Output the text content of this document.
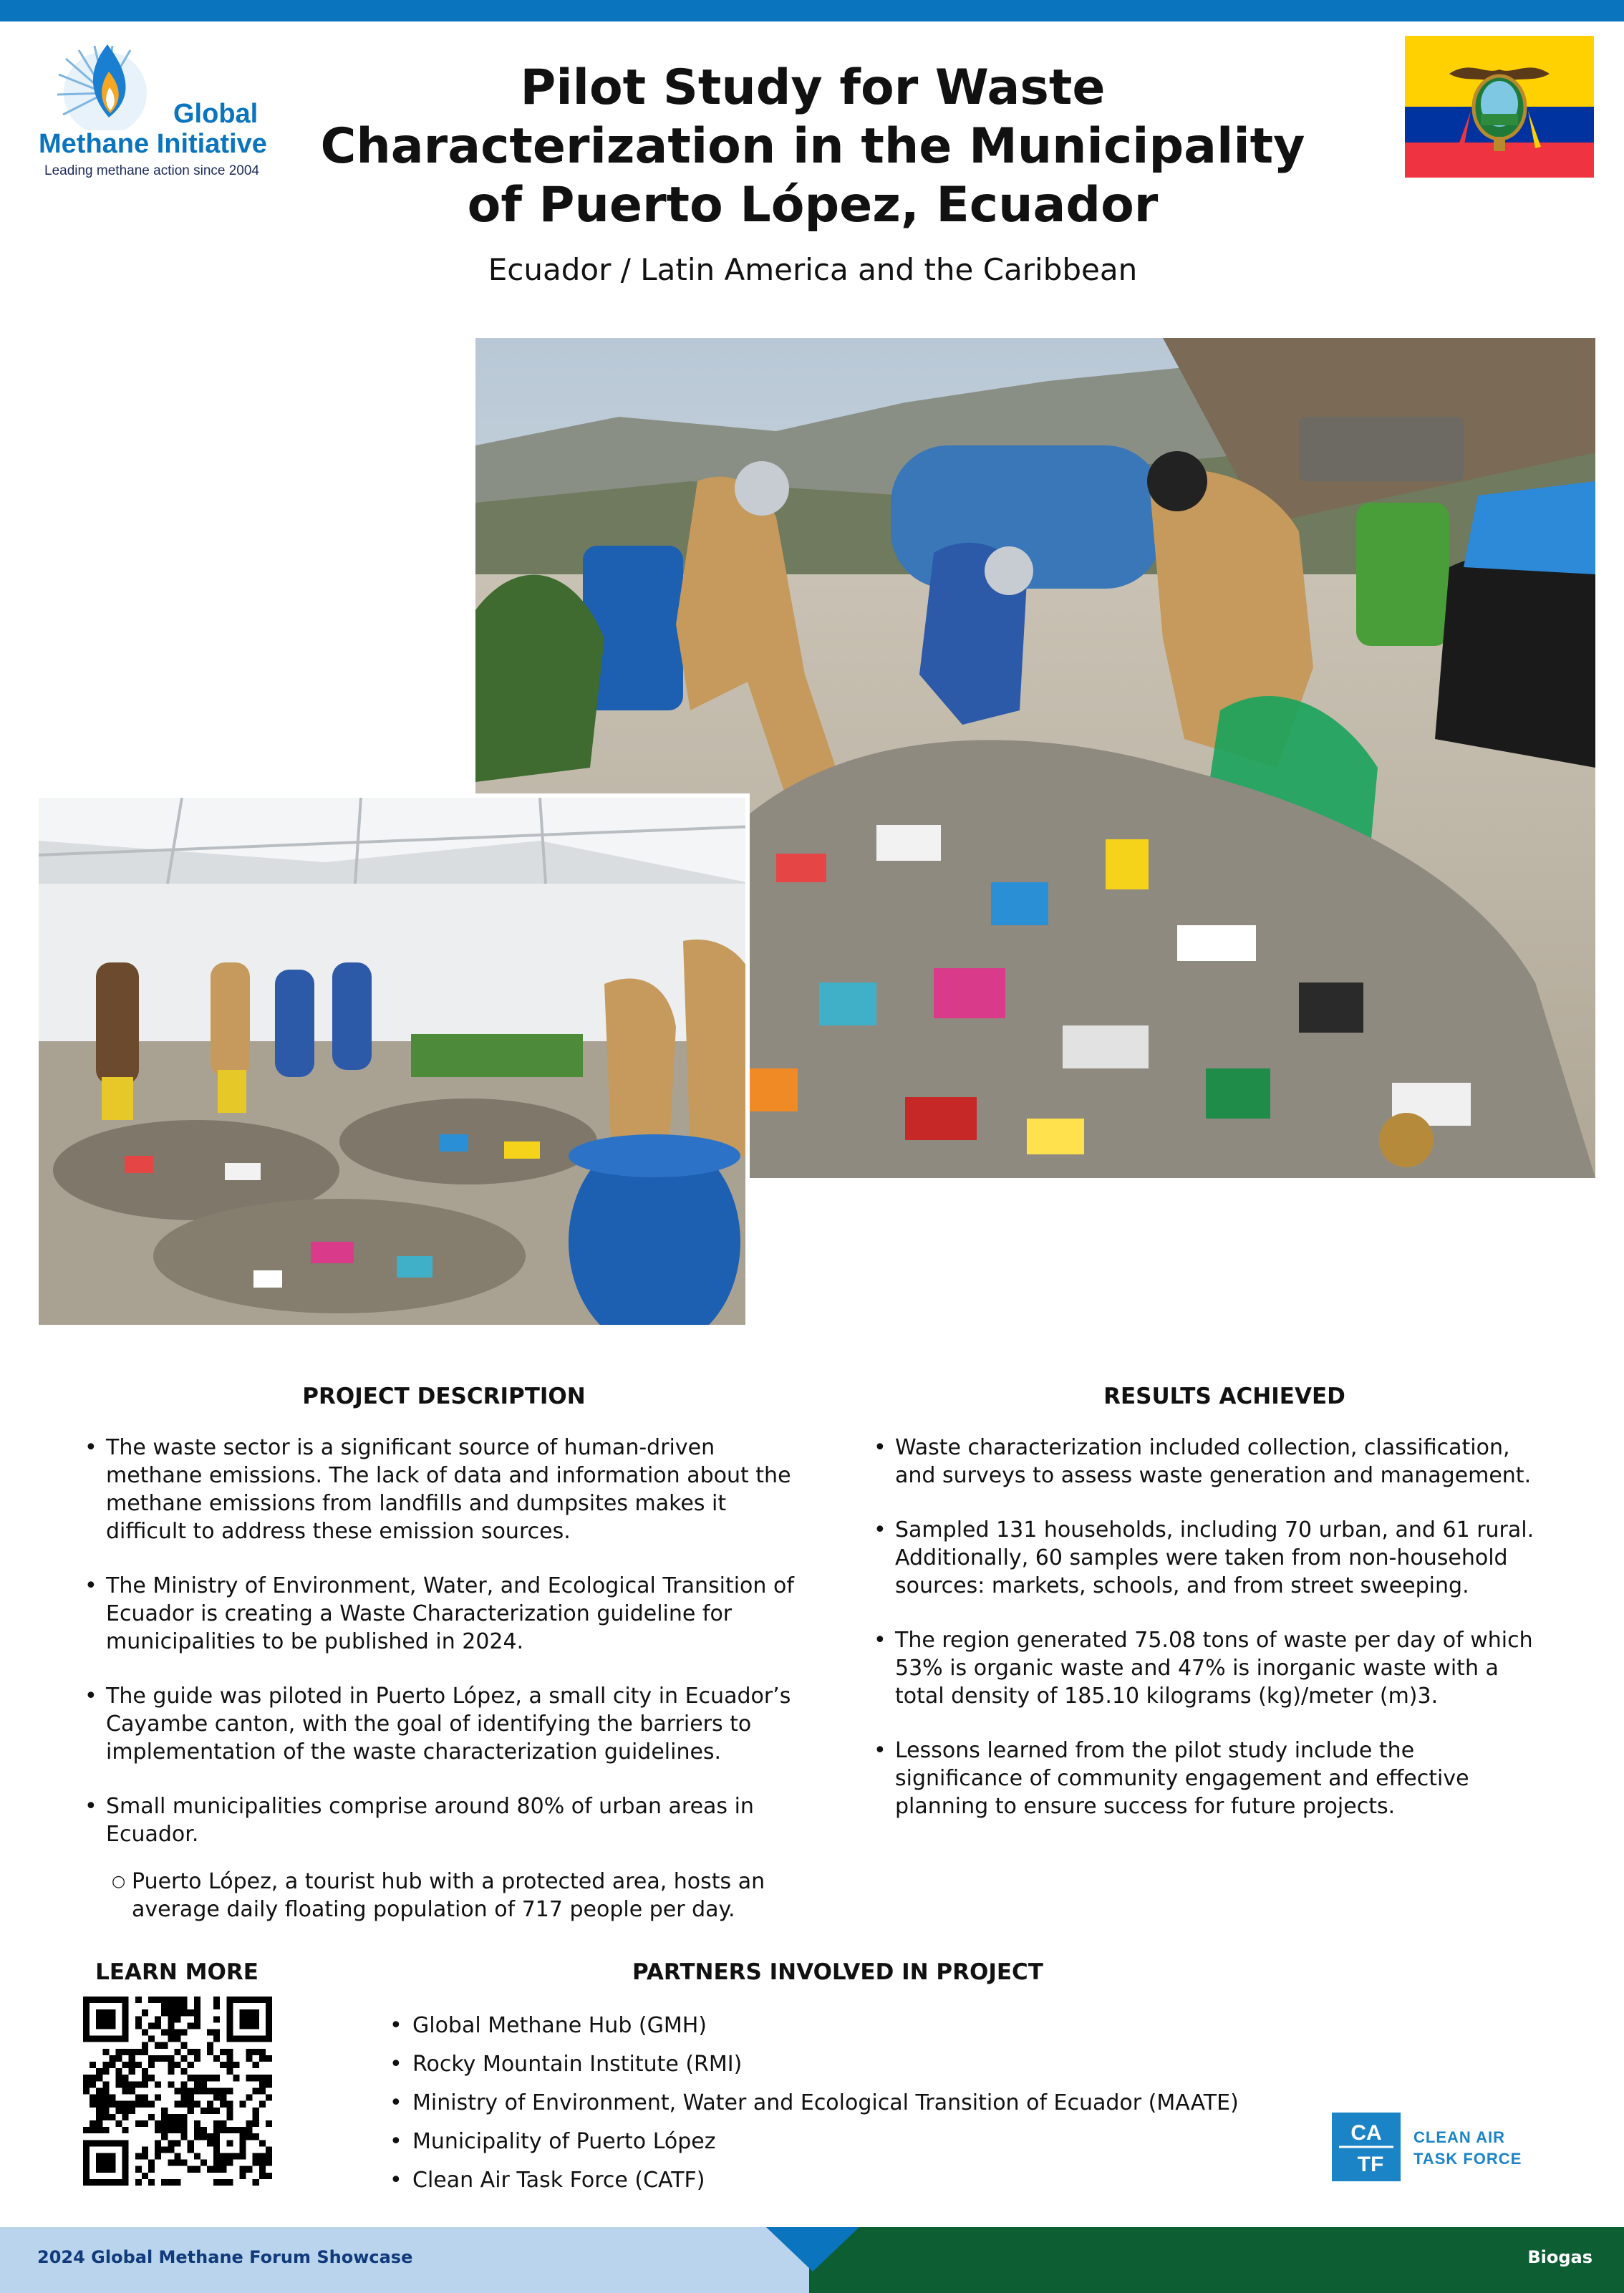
Global
Methane Initiative
Leading methane action since 2004
Pilot Study for Waste Characterization in the Municipality of Puerto López, Ecuador
Ecuador / Latin America and the Caribbean
PROJECT DESCRIPTION
• The waste sector is a significant source of human-driven methane emissions. The lack of data and information about the methane emissions from landfills and dumpsites makes it difficult to address these emission sources.
• The Ministry of Environment, Water, and Ecological Transition of Ecuador is creating a Waste Characterization guideline for municipalities to be published in 2024.
• The guide was piloted in Puerto López, a small city in Ecuador’s Cayambe canton, with the goal of identifying the barriers to implementation of the waste characterization guidelines.
• Small municipalities comprise around 80% of urban areas in Ecuador.
○ Puerto López, a tourist hub with a protected area, hosts an average daily floating population of 717 people per day.
RESULTS ACHIEVED
• Waste characterization included collection, classification, and surveys to assess waste generation and management.
• Sampled 131 households, including 70 urban, and 61 rural. Additionally, 60 samples were taken from non-household sources: markets, schools, and from street sweeping.
• The region generated 75.08 tons of waste per day of which 53% is organic waste and 47% is inorganic waste with a total density of 185.10 kilograms (kg)/meter (m)3.
• Lessons learned from the pilot study include the significance of community engagement and effective planning to ensure success for future projects.
LEARN MORE	PARTNERS INVOLVED IN PROJECT
• Global Methane Hub (GMH)
• Rocky Mountain Institute (RMI)
• Ministry of Environment, Water and Ecological Transition of Ecuador (MAATE)
• Municipality of Puerto López
• Clean Air Task Force (CATF)
CA
TF
CLEAN AIR
TASK FORCE
2024 Global Methane Forum Showcase	Biogas
